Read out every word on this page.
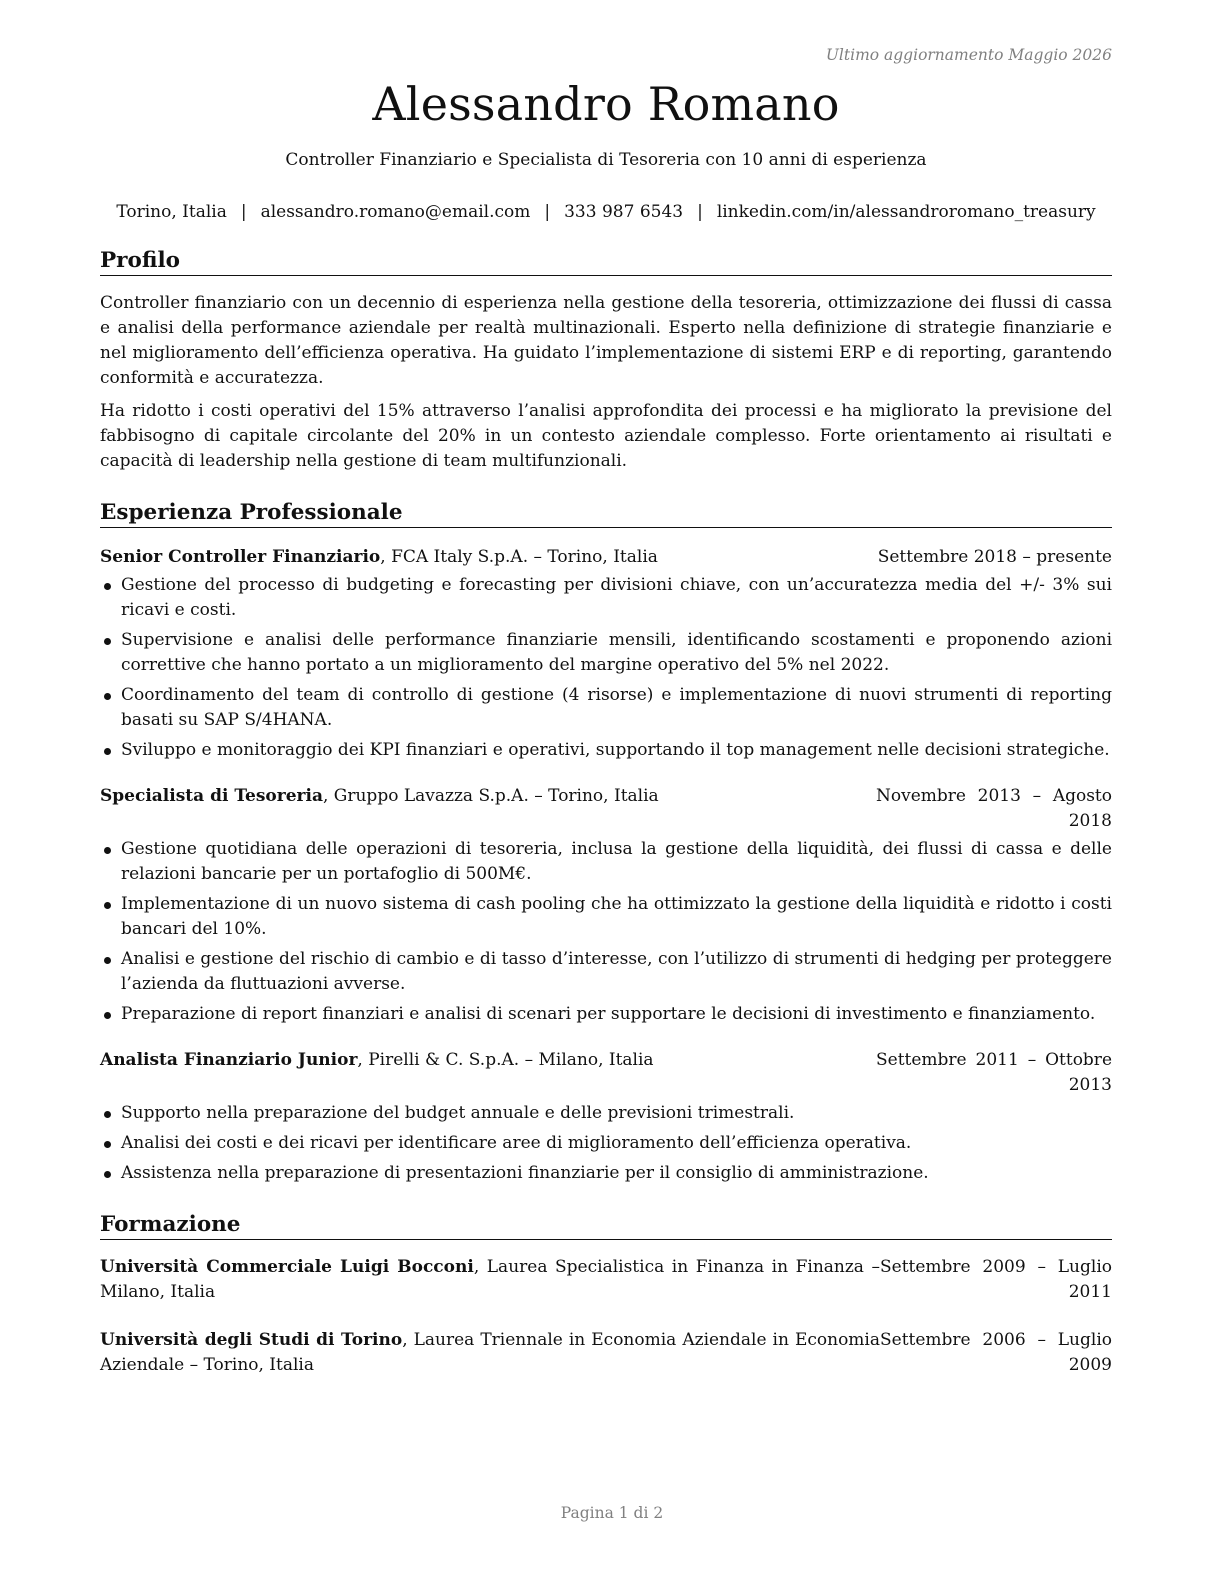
Ultimo aggiornamento Maggio 2026
Alessandro Romano
Controller Finanziario e Specialista di Tesoreria con 10 anni di esperienza
Torino, Italia | alessandro.romano@email.com | 333 987 6543 | linkedin.com/in/alessandroromano_treasury
Profilo

Controller finanziario con un decennio di esperienza nella gestione della tesoreria, ottimizzazione dei flussi di cassa e analisi della performance aziendale per realtà multinazionali. Esperto nella definizione di strategie finanziarie e nel miglioramento dell’efficienza operativa. Ha guidato l’implementazione di sistemi ERP e di reporting, garantendo conformità e accuratezza.

Ha ridotto i costi operativi del 15% attraverso l’analisi approfondita dei processi e ha migliorato la previsione del fabbisogno di capitale circolante del 20% in un contesto aziendale complesso. Forte orientamento ai risultati e capacità di leadership nella gestione di team multifunzionali.

Esperienza Professionale
Senior Controller Finanziario, FCA Italy S.p.A. – Torino, Italia	Settembre 2018 – presente
Gestione del processo di budgeting e forecasting per divisioni chiave, con un’accuratezza media del +/- 3% sui ricavi e costi.
Supervisione e analisi delle performance finanziarie mensili, identificando scostamenti e proponendo azioni correttive che hanno portato a un miglioramento del margine operativo del 5% nel 2022.
Coordinamento del team di controllo di gestione (4 risorse) e implementazione di nuovi strumenti di reporting basati su SAP S/4HANA.
Sviluppo e monitoraggio dei KPI finanziari e operativi, supportando il top management nelle decisioni strategiche.
Specialista di Tesoreria, Gruppo Lavazza S.p.A. – Torino, Italia	Novembre 2013 – Agosto 2018
Gestione quotidiana delle operazioni di tesoreria, inclusa la gestione della liquidità, dei flussi di cassa e delle relazioni bancarie per un portafoglio di 500M€.
Implementazione di un nuovo sistema di cash pooling che ha ottimizzato la gestione della liquidità e ridotto i costi bancari del 10%.
Analisi e gestione del rischio di cambio e di tasso d’interesse, con l’utilizzo di strumenti di hedging per proteggere l’azienda da fluttuazioni avverse.
Preparazione di report finanziari e analisi di scenari per supportare le decisioni di investimento e finanziamento.
Analista Finanziario Junior, Pirelli & C. S.p.A. – Milano, Italia	Settembre 2011 – Ottobre 2013
Supporto nella preparazione del budget annuale e delle previsioni trimestrali.
Analisi dei costi e dei ricavi per identificare aree di miglioramento dell’efficienza operativa.
Assistenza nella preparazione di presentazioni finanziarie per il consiglio di amministrazione.
Formazione
Università Commerciale Luigi Bocconi, Laurea Specialistica in Finanza in Finanza – Milano, Italia
Settembre 2009 – Luglio 2011
Università degli Studi di Torino, Laurea Triennale in Economia Aziendale in Economia Aziendale – Torino, Italia
Settembre 2006 – Luglio 2009
Pagina 1 di 2
